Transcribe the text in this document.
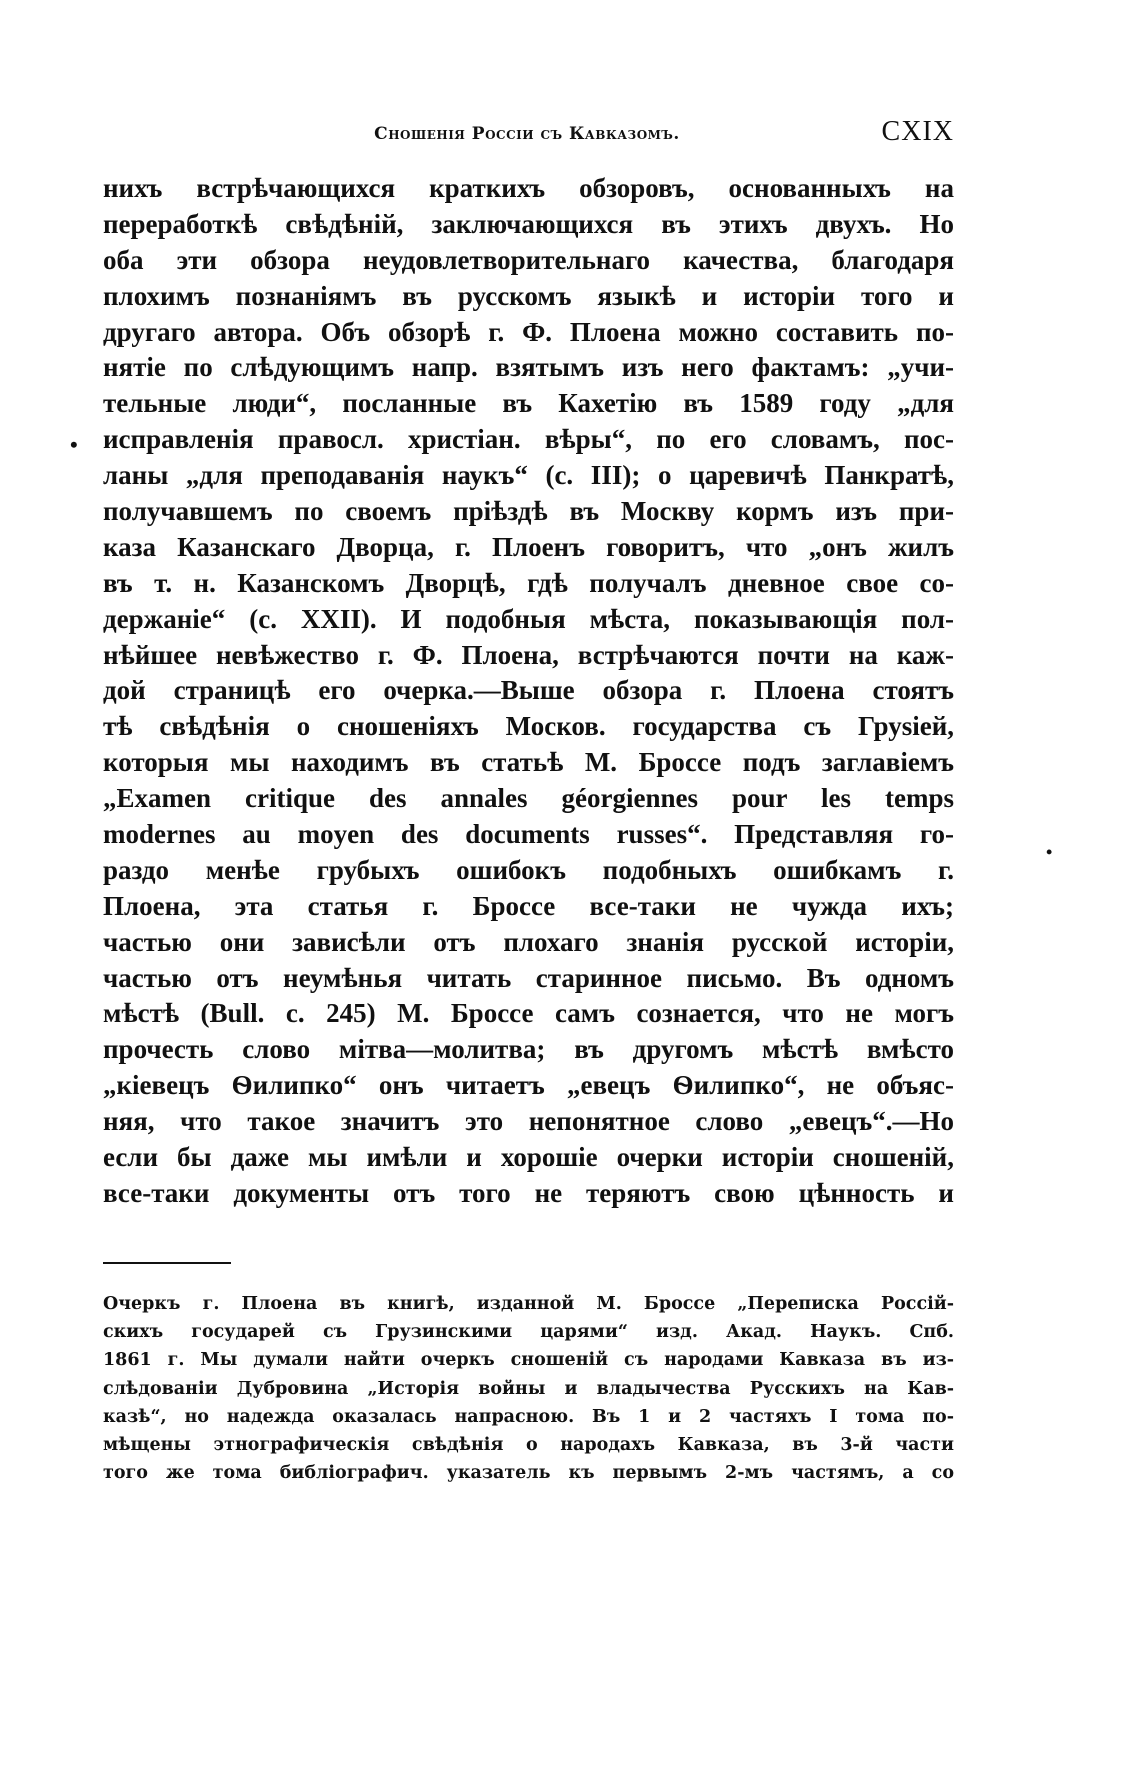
Сношенія Россіи съ Кавказомъ.	CXIX
•
•
нихъ встрѣчающихся краткихъ обзоровъ, основанныхъ на
переработкѣ свѣдѣній, заключающихся въ этихъ двухъ. Но
оба эти обзора неудовлетворительнаго качества, благодаря
плохимъ познаніямъ въ русскомъ языкѣ и исторіи того и
другаго автора. Объ обзорѣ г. Ф. Плоена можно составить по-
нятіе по слѣдующимъ напр. взятымъ изъ него фактамъ: „учи-
тельные люди“, посланные въ Кахетію въ 1589 году „для
исправленія правосл. христіан. вѣры“, по его словамъ, пос-
ланы „для преподаванія наукъ“ (с. III); о царевичѣ Панкратѣ,
получавшемъ по своемъ пріѣздѣ въ Москву кормъ изъ при-
каза Казанскаго Дворца, г. Плоенъ говоритъ, что „онъ жилъ
въ т. н. Казанскомъ Дворцѣ, гдѣ получалъ дневное свое со-
держаніе“ (с. XXII). И подобныя мѣста, показывающія пол-
нѣйшее невѣжество г. Ф. Плоена, встрѣчаются почти на каж-
дой страницѣ его очерка.—Выше обзора г. Плоена стоятъ
тѣ свѣдѣнія о сношеніяхъ Москов. государства съ Груsіей,
которыя мы находимъ въ статьѣ М. Броссе подъ заглавіемъ
„Examen critique des annales géorgiennes pour les temps
modernes au moyen des documents russes“. Представляя го-
раздо менѣе грубыхъ ошибокъ подобныхъ ошибкамъ г.
Плоена, эта статья г. Броссе все-таки не чужда ихъ;
частью они зависѣли отъ плохаго знанія русской исторіи,
частью отъ неумѣнья читать старинное письмо. Въ одномъ
мѣстѣ (Bull. c. 245) М. Броссе самъ сознается, что не могъ
прочесть слово мітва—молитва; въ другомъ мѣстѣ вмѣсто
„кіевецъ Ѳилипко“ онъ читаетъ „евецъ Ѳилипко“, не объяс-
няя, что такое значитъ это непонятное слово „евецъ“.—Но
если бы даже мы имѣли и хорошіе очерки исторіи сношеній,
все-таки документы отъ того не теряютъ свою цѣнность и
Очеркъ г. Плоена въ книгѣ, изданной М. Броссе „Переписка Россій-
скихъ государей съ Грузинскими царями“ изд. Акад. Наукъ. Спб.
1861 г. Мы думали найти очеркъ сношеній съ народами Кавказа въ из-
слѣдованіи Дубровина „Исторія войны и владычества Русскихъ на Кав-
казѣ“, но надежда оказалась напрасною. Въ 1 и 2 частяхъ I тома по-
мѣщены этнографическія свѣдѣнія о народахъ Кавказа, въ 3-й части
того же тома библіографич. указатель къ первымъ 2-мъ частямъ, а со
